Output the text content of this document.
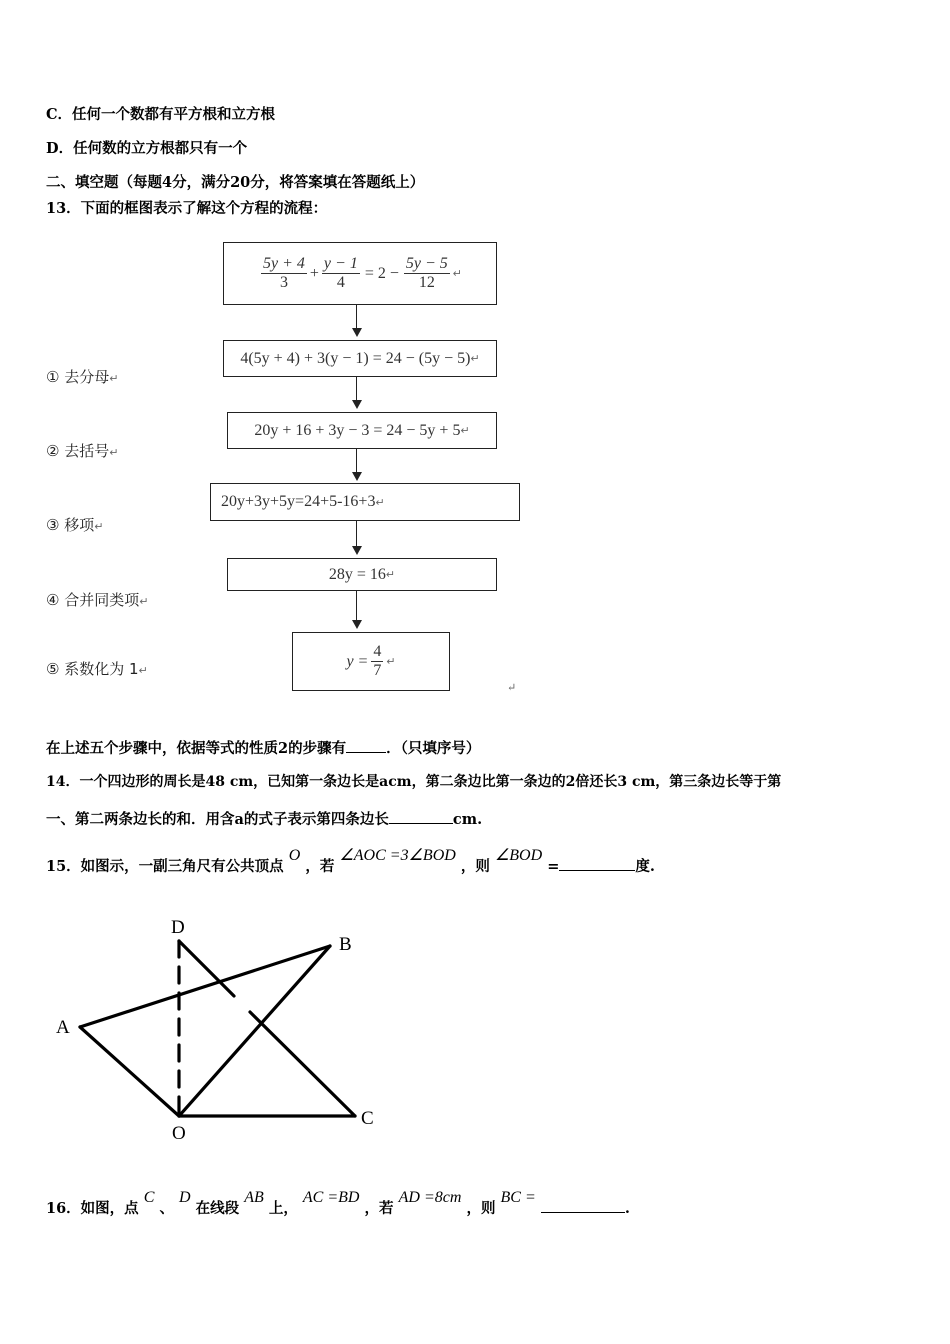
C．任何一个数都有平方根和立方根
D．任何数的立方根都只有一个
二、填空题（每题4分，满分20分，将答案填在答题纸上）
13．下面的框图表示了解这个方程的流程：
$\frac{5y + 4}{3} + \frac{y - 1}{4} = 2 - \frac{5y - 5}{12}$ ↵
4(5y + 4) + 3(y − 1) = 24 − (5y − 5) ↵
20y + 16 + 3y − 3 = 24 − 5y + 5 ↵
20y+3y+5y=24+5-16+3 ↵
28y = 16 ↵
$y = \frac{4}{7}$ ↵
↵
① 去分母↵
② 去括号↵
③ 移项↵
④ 合并同类项↵
⑤ 系数化为 1↵
在上述五个步骤中，依据等式的性质2的步骤有	．（只填序号）
14．一个四边形的周长是48 cm，已知第一条边长是acm，第二条边比第一条边的2倍还长3 cm，第三条边长等于第
一、第二两条边长的和．用含a的式子表示第四条边长	cm.
15．如图示，一副三角尺有公共顶点 O ，若 ∠AOC =3∠BOD ，则 ∠BOD =	度.
D
B
A
O
C
16．如图，点 C 、 D 在线段 AB 上， AC =BD ，若 AD =8cm ，则 BC = .
